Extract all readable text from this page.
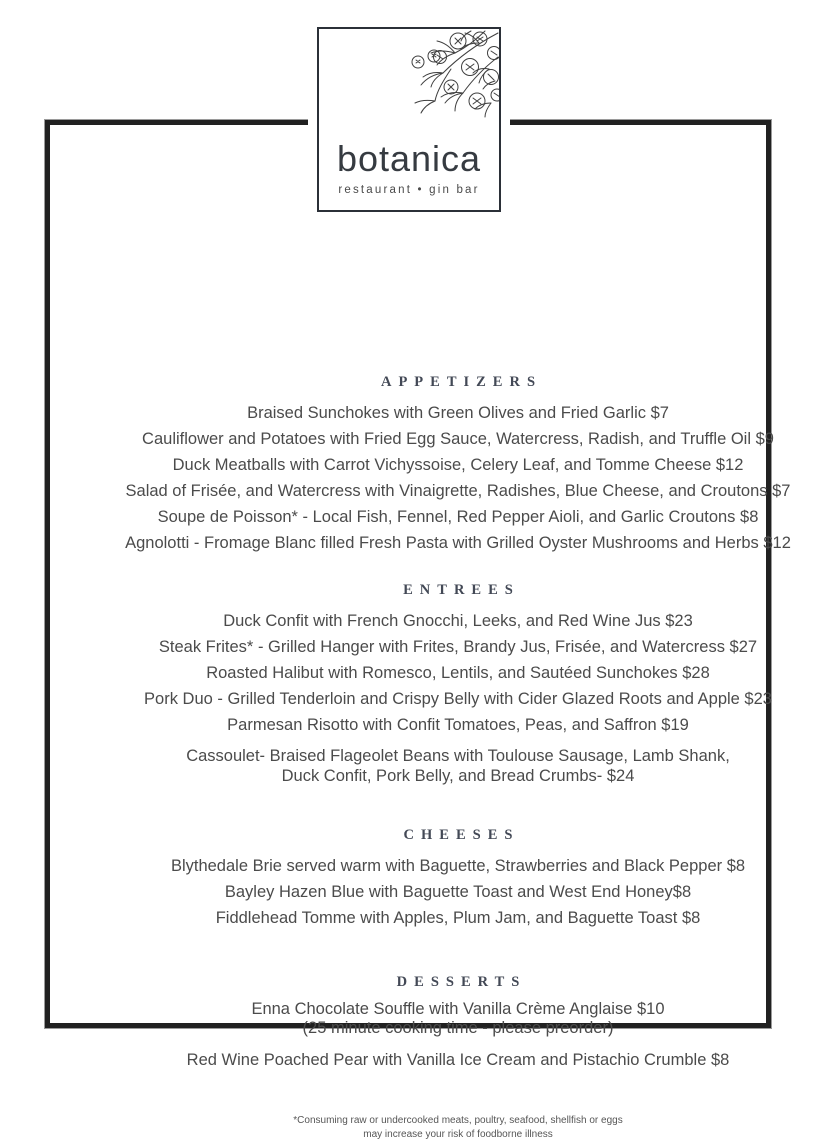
APPETIZERS
Braised Sunchokes with Green Olives and Fried Garlic $7
Cauliflower and Potatoes with Fried Egg Sauce, Watercress, Radish, and Truffle Oil $9
Duck Meatballs with Carrot Vichyssoise, Celery Leaf, and Tomme Cheese $12
Salad of Frisée, and Watercress with Vinaigrette, Radishes, Blue Cheese, and Croutons $7
Soupe de Poisson* - Local Fish, Fennel, Red Pepper Aioli, and Garlic Croutons $8
Agnolotti - Fromage Blanc filled Fresh Pasta with Grilled Oyster Mushrooms and Herbs $12
ENTREES
Duck Confit with French Gnocchi, Leeks, and Red Wine Jus $23
Steak Frites* - Grilled Hanger with Frites, Brandy Jus, Frisée, and Watercress $27
Roasted Halibut with Romesco, Lentils, and Sautéed Sunchokes $28
Pork Duo - Grilled Tenderloin and Crispy Belly with Cider Glazed Roots and Apple $23
Parmesan Risotto with Confit Tomatoes, Peas, and Saffron $19
Cassoulet- Braised Flageolet Beans with Toulouse Sausage, Lamb Shank,
Duck Confit, Pork Belly, and Bread Crumbs- $24
CHEESES
Blythedale Brie served warm with Baguette, Strawberries and Black Pepper $8
Bayley Hazen Blue with Baguette Toast and West End Honey$8
Fiddlehead Tomme with Apples, Plum Jam, and Baguette Toast $8
DESSERTS
Enna Chocolate Souffle with Vanilla Crème Anglaise $10
(25 minute cooking time - please preorder)
Red Wine Poached Pear with Vanilla Ice Cream and Pistachio Crumble $8
*Consuming raw or undercooked meats, poultry, seafood, shellfish or eggs
may increase your risk of foodborne illness
botanica
restaurant • gin bar
